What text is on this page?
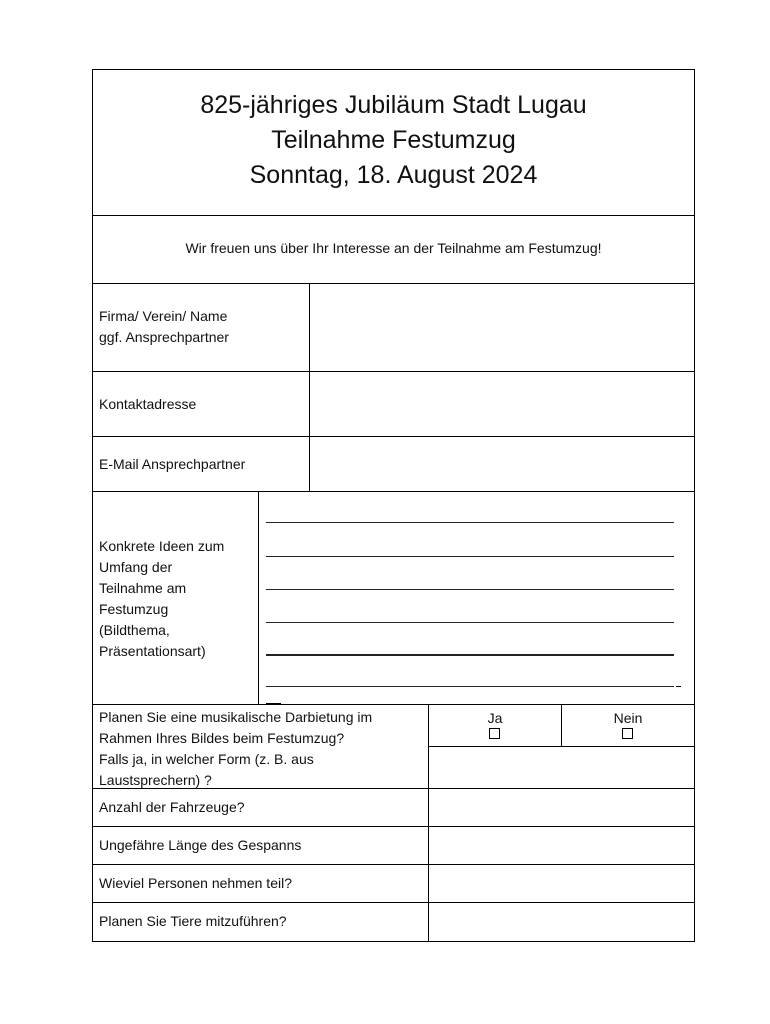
825-jähriges Jubiläum Stadt Lugau
Teilnahme Festumzug
Sonntag, 18. August 2024
Wir freuen uns über Ihr Interesse an der Teilnahme am Festumzug!
Firma/ Verein/ Name
ggf. Ansprechpartner
Kontaktadresse
E-Mail Ansprechpartner
Konkrete Ideen zum
Umfang der
Teilnahme am
Festumzug
(Bildthema,
Präsentationsart)
Planen Sie eine musikalische Darbietung im
Rahmen Ihres Bildes beim Festumzug?
Falls ja, in welcher Form (z. B. aus
Laustsprechern) ?
Ja	Nein
Anzahl der Fahrzeuge?
Ungefähre Länge des Gespanns
Wieviel Personen nehmen teil?
Planen Sie Tiere mitzuführen?
